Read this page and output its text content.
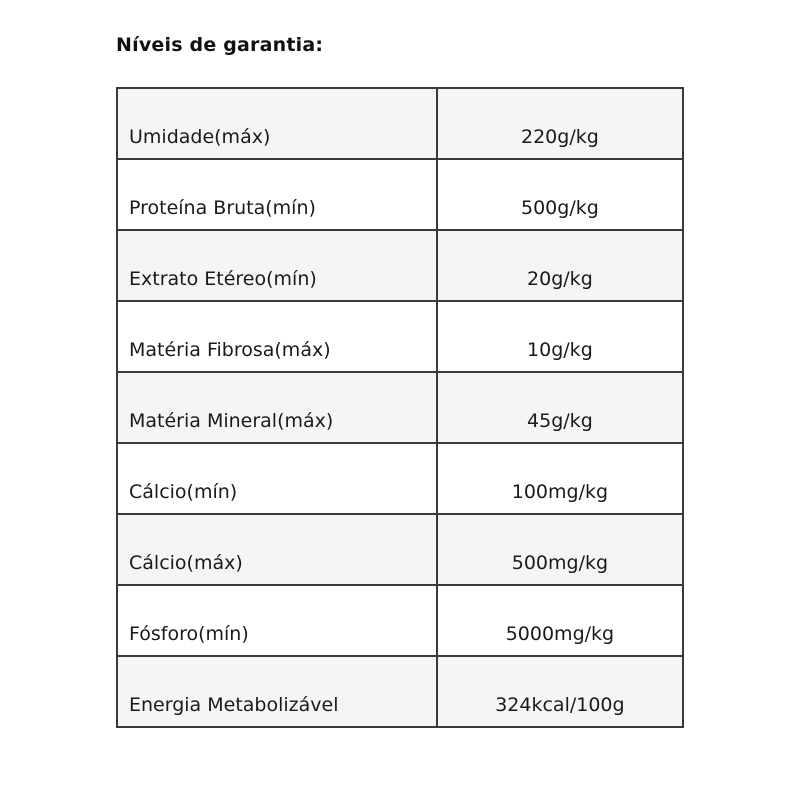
Níveis de garantia:
Umidade(máx)	220g/kg
Proteína Bruta(mín)	500g/kg
Extrato Etéreo(mín)	20g/kg
Matéria Fibrosa(máx)	10g/kg
Matéria Mineral(máx)	45g/kg
Cálcio(mín)	100mg/kg
Cálcio(máx)	500mg/kg
Fósforo(mín)	5000mg/kg
Energia Metabolizável	324kcal/100g
